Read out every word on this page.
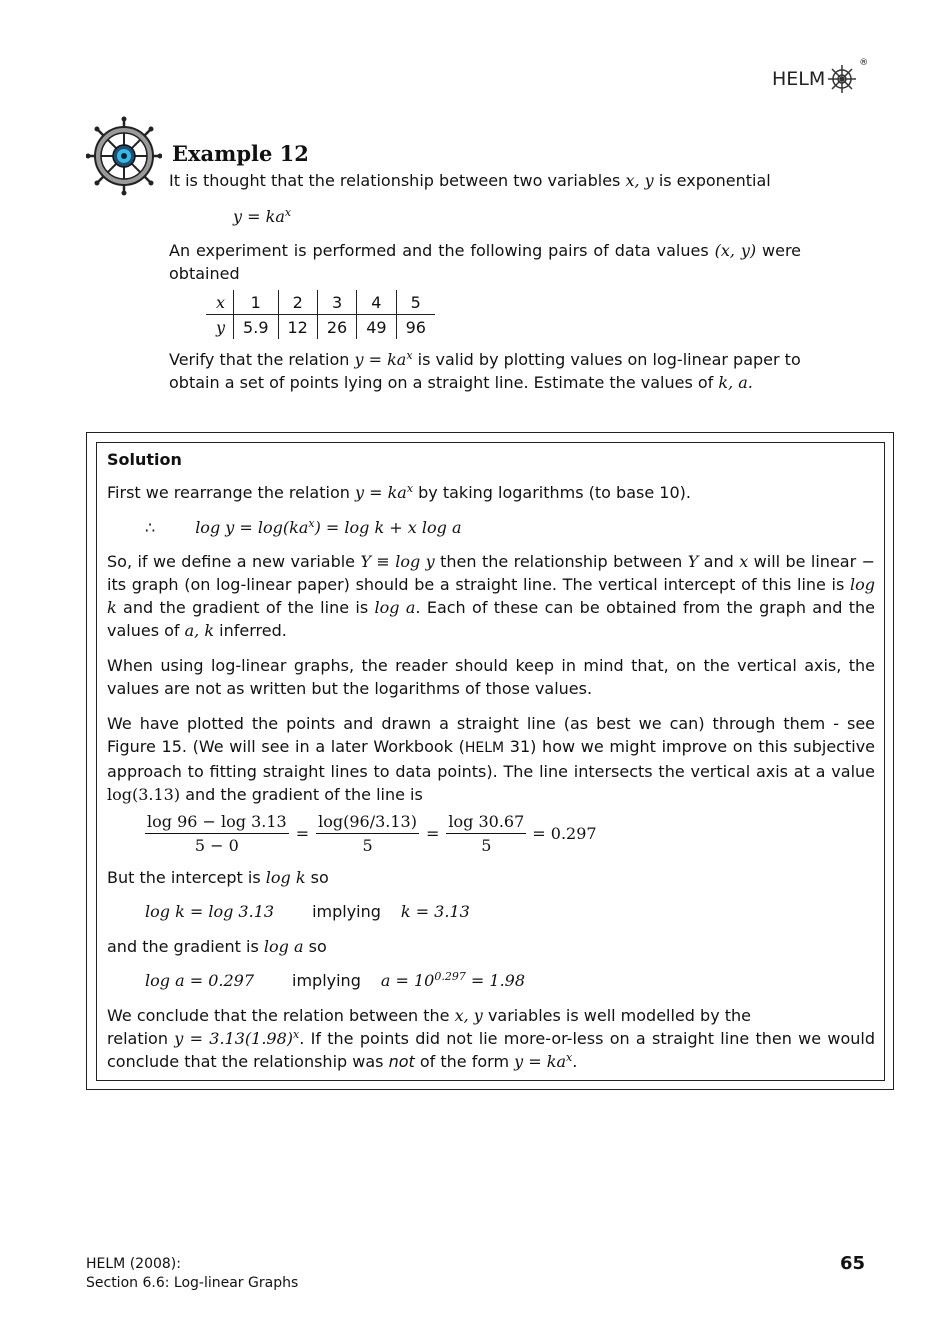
HELM
®
Example 12
It is thought that the relationship between two variables x, y is exponential
$y = ka^x$
An experiment is performed and the following pairs of data values (x, y) were obtained
x	1	2	3	4	5
y	5.9	12	26	49	96
Verify that the relation $y = ka^x$ is valid by plotting values on log-linear paper to obtain a set of points lying on a straight line. Estimate the values of k, a.
Solution
First we rearrange the relation $y = ka^x$ by taking logarithms (to base 10).
∴	$\log y = \log(ka^x) = \log k + x$ log a
So, if we define a new variable Y ≡ log y then the relationship between Y and x will be linear − its graph (on log-linear paper) should be a straight line. The vertical intercept of this line is log k and the gradient of the line is log a. Each of these can be obtained from the graph and the values of a, k inferred.
When using log-linear graphs, the reader should keep in mind that, on the vertical axis, the values are not as written but the logarithms of those values.
We have plotted the points and drawn a straight line (as best we can) through them - see Figure 15. (We will see in a later Workbook (HELM 31) how we might improve on this subjective approach to fitting straight lines to data points). The line intersects the vertical axis at a value log(3.13) and the gradient of the line is
$\frac{\log 96 - \log 3.13}{5 - 0} = \frac{\log(96/3.13)}{5} = \frac{\log 30.67}{5} = 0.297$
But the intercept is log k so
log k = log 3.13 implying k = 3.13
and the gradient is log a so
log a = 0.297 implying $a = 10^{0.297} = 1.98$
We conclude that the relation between the x, y variables is well modelled by the
relation $y = 3.13(1.98)^x$. If the points did not lie more-or-less on a straight line then we would conclude that the relationship was not of the form $y = ka^x$.
HELM (2008):
Section 6.6: Log-linear Graphs
65
